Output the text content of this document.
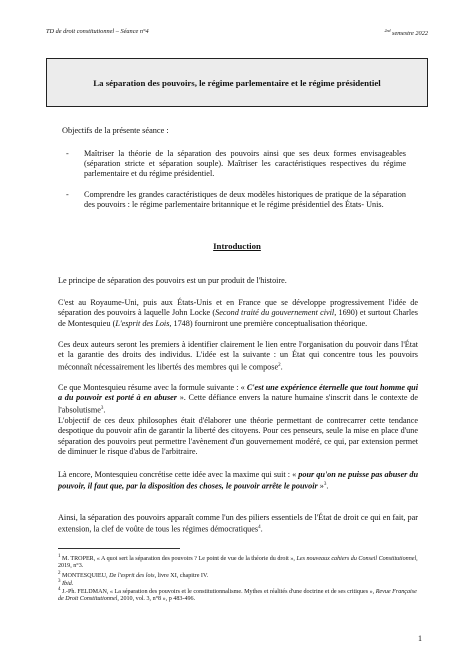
TD de droit constitutionnel – Séance n°4	$^{2nd}$ semestre 2022
La séparation des pouvoirs, le régime parlementaire et le régime présidentiel
Objectifs de la présente séance :
- Maîtriser la théorie de la séparation des pouvoirs ainsi que ses deux formes envisageables (séparation stricte et séparation souple). Maîtriser les caractéristiques respectives du régime parlementaire et du régime présidentiel.
- Comprendre les grandes caractéristiques de deux modèles historiques de pratique de la séparation des pouvoirs : le régime parlementaire britannique et le régime présidentiel des États- Unis.
Introduction

Le principe de séparation des pouvoirs est un pur produit de l'histoire.

C'est au Royaume-Uni, puis aux États-Unis et en France que se développe progressivement l'idée de séparation des pouvoirs à laquelle John Locke (Second traité du gouvernement civil, 1690) et surtout Charles de Montesquieu (L'esprit des Lois, 1748) fourniront une première conceptualisation théorique.

Ces deux auteurs seront les premiers à identifier clairement le lien entre l'organisation du pouvoir dans l'État et la garantie des droits des individus. L'idée est la suivante : un État qui concentre tous les pouvoirs méconnaît nécessairement les libertés des membres qui le compose$^2$.

Ce que Montesquieu résume avec la formule suivante : « C'est une expérience éternelle que tout homme qui a du pouvoir est porté à en abuser ». Cette défiance envers la nature humaine s'inscrit dans le contexte de l'absolutisme$^3$.

L'objectif de ces deux philosophes était d'élaborer une théorie permettant de contrecarrer cette tendance despotique du pouvoir afin de garantir la liberté des citoyens. Pour ces penseurs, seule la mise en place d'une séparation des pouvoirs peut permettre l'avènement d'un gouvernement modéré, ce qui, par extension permet de diminuer le risque d'abus de l'arbitraire.

Là encore, Montesquieu concrétise cette idée avec la maxime qui suit : « pour qu'on ne puisse pas abuser du pouvoir, il faut que, par la disposition des choses, le pouvoir arrête le pouvoir »$^3$.

Ainsi, la séparation des pouvoirs apparaît comme l'un des piliers essentiels de l'État de droit ce qui en fait, par extension, la clef de voûte de tous les régimes démocratiques$^4$.

$^1$ M. TROPER, « A quoi sert la séparation des pouvoirs ? Le point de vue de la théorie du droit », Les nouveaux cahiers du Conseil Constitutionnel, 2019, n°3.

$^2$ MONTESQUIEU, De l'esprit des lois, livre XI, chapitre IV.

$^3$ Ibid.

$^4$ J.-Ph. FELDMAN, « La séparation des pouvoirs et le constitutionnalisme. Mythes et réalités d'une doctrine et de ses critiques », Revue Française de Droit Constitutionnel, 2010, vol. 3, n°8 », p 483-496.

1
